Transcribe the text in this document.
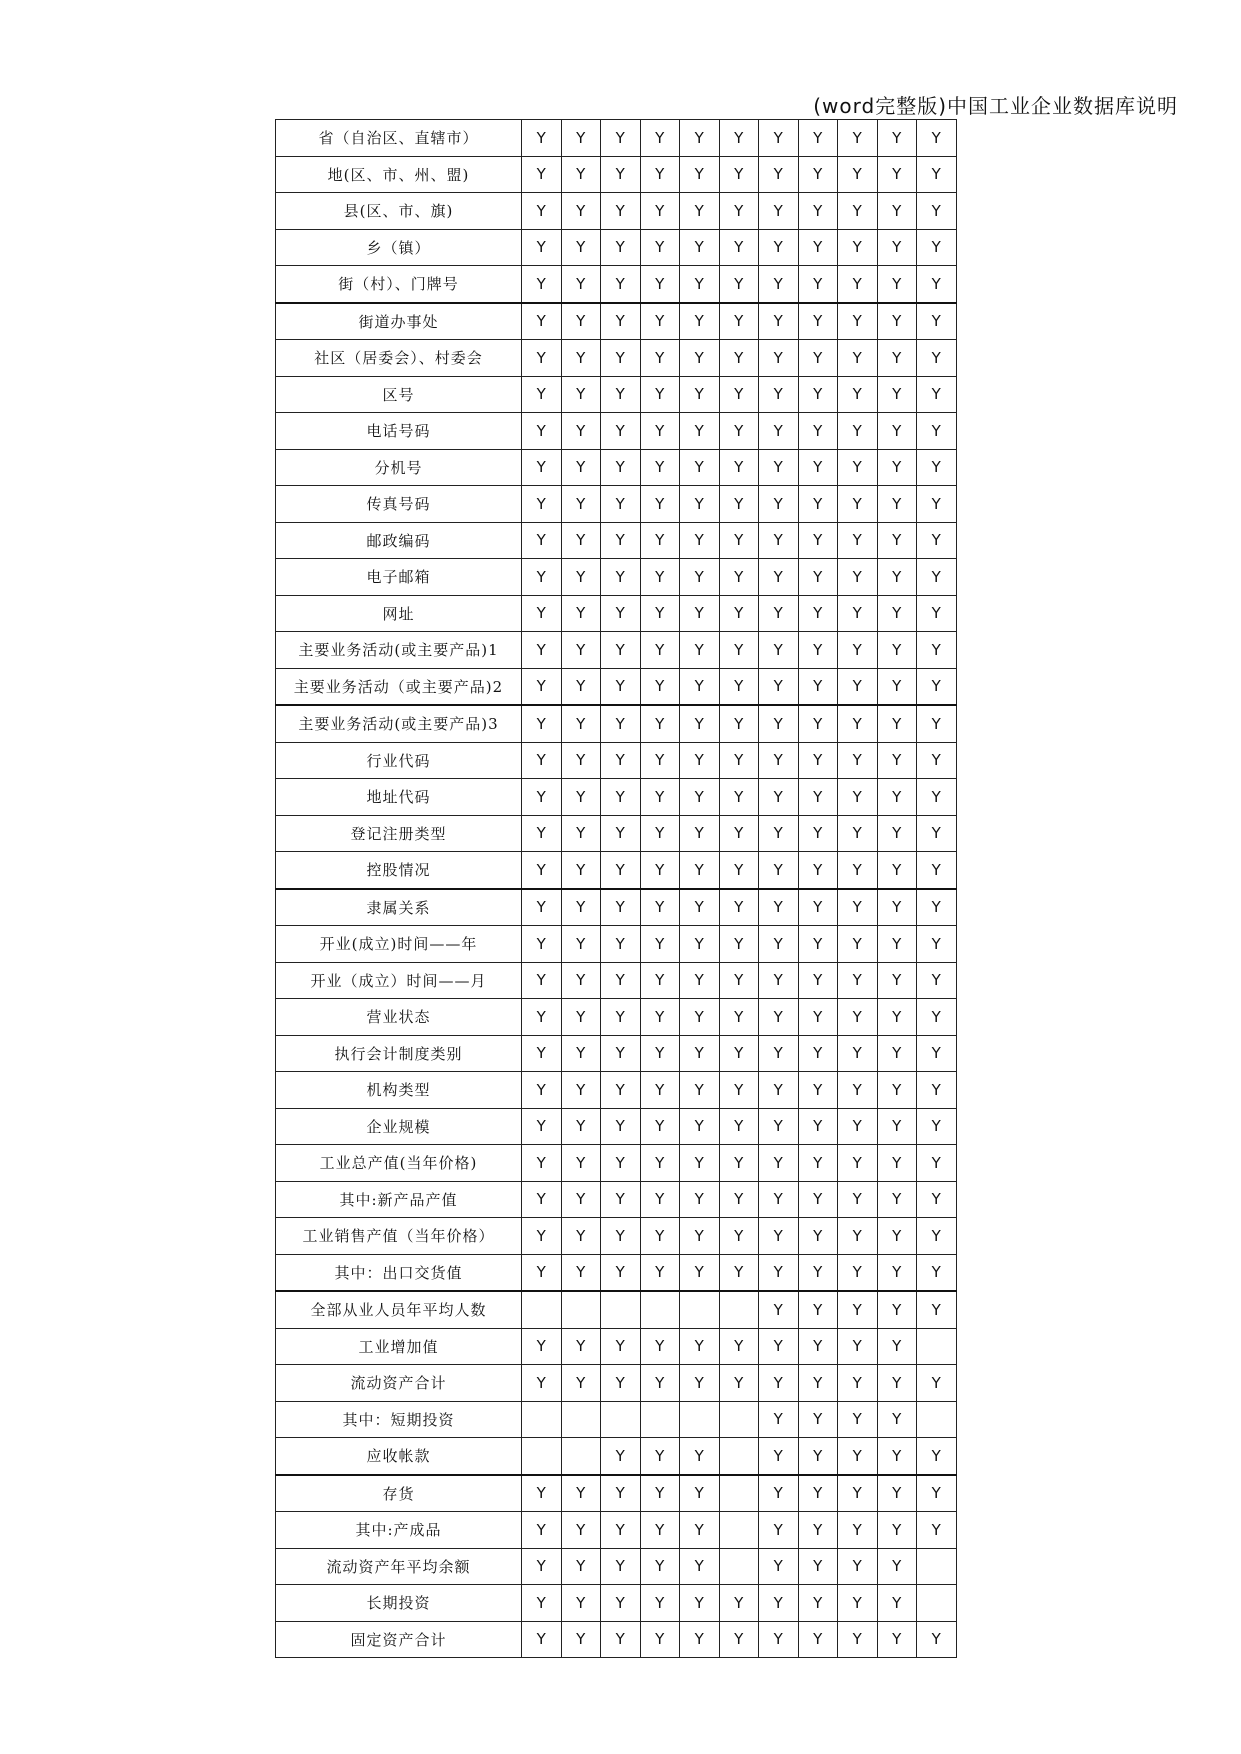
(word完整版)中国工业企业数据库说明
省（自治区、直辖市）	Y	Y	Y	Y	Y	Y	Y	Y	Y	Y	Y
地(区、市、州、盟)	Y	Y	Y	Y	Y	Y	Y	Y	Y	Y	Y
县(区、市、旗)	Y	Y	Y	Y	Y	Y	Y	Y	Y	Y	Y
乡（镇）	Y	Y	Y	Y	Y	Y	Y	Y	Y	Y	Y
街（村）、门牌号	Y	Y	Y	Y	Y	Y	Y	Y	Y	Y	Y
街道办事处	Y	Y	Y	Y	Y	Y	Y	Y	Y	Y	Y
社区（居委会）、村委会	Y	Y	Y	Y	Y	Y	Y	Y	Y	Y	Y
区号	Y	Y	Y	Y	Y	Y	Y	Y	Y	Y	Y
电话号码	Y	Y	Y	Y	Y	Y	Y	Y	Y	Y	Y
分机号	Y	Y	Y	Y	Y	Y	Y	Y	Y	Y	Y
传真号码	Y	Y	Y	Y	Y	Y	Y	Y	Y	Y	Y
邮政编码	Y	Y	Y	Y	Y	Y	Y	Y	Y	Y	Y
电子邮箱	Y	Y	Y	Y	Y	Y	Y	Y	Y	Y	Y
网址	Y	Y	Y	Y	Y	Y	Y	Y	Y	Y	Y
主要业务活动(或主要产品)1	Y	Y	Y	Y	Y	Y	Y	Y	Y	Y	Y
主要业务活动（或主要产品)2	Y	Y	Y	Y	Y	Y	Y	Y	Y	Y	Y
主要业务活动(或主要产品)3	Y	Y	Y	Y	Y	Y	Y	Y	Y	Y	Y
行业代码	Y	Y	Y	Y	Y	Y	Y	Y	Y	Y	Y
地址代码	Y	Y	Y	Y	Y	Y	Y	Y	Y	Y	Y
登记注册类型	Y	Y	Y	Y	Y	Y	Y	Y	Y	Y	Y
控股情况	Y	Y	Y	Y	Y	Y	Y	Y	Y	Y	Y
隶属关系	Y	Y	Y	Y	Y	Y	Y	Y	Y	Y	Y
开业(成立)时间——年	Y	Y	Y	Y	Y	Y	Y	Y	Y	Y	Y
开业（成立）时间——月	Y	Y	Y	Y	Y	Y	Y	Y	Y	Y	Y
营业状态	Y	Y	Y	Y	Y	Y	Y	Y	Y	Y	Y
执行会计制度类别	Y	Y	Y	Y	Y	Y	Y	Y	Y	Y	Y
机构类型	Y	Y	Y	Y	Y	Y	Y	Y	Y	Y	Y
企业规模	Y	Y	Y	Y	Y	Y	Y	Y	Y	Y	Y
工业总产值(当年价格)	Y	Y	Y	Y	Y	Y	Y	Y	Y	Y	Y
其中:新产品产值	Y	Y	Y	Y	Y	Y	Y	Y	Y	Y	Y
工业销售产值（当年价格）	Y	Y	Y	Y	Y	Y	Y	Y	Y	Y	Y
其中：出口交货值	Y	Y	Y	Y	Y	Y	Y	Y	Y	Y	Y
全部从业人员年平均人数							Y	Y	Y	Y	Y
工业增加值	Y	Y	Y	Y	Y	Y	Y	Y	Y	Y	
流动资产合计	Y	Y	Y	Y	Y	Y	Y	Y	Y	Y	Y
其中：短期投资							Y	Y	Y	Y	
应收帐款			Y	Y	Y		Y	Y	Y	Y	Y
存货	Y	Y	Y	Y	Y		Y	Y	Y	Y	Y
其中:产成品	Y	Y	Y	Y	Y		Y	Y	Y	Y	Y
流动资产年平均余额	Y	Y	Y	Y	Y		Y	Y	Y	Y	
长期投资	Y	Y	Y	Y	Y	Y	Y	Y	Y	Y	
固定资产合计	Y	Y	Y	Y	Y	Y	Y	Y	Y	Y	Y
